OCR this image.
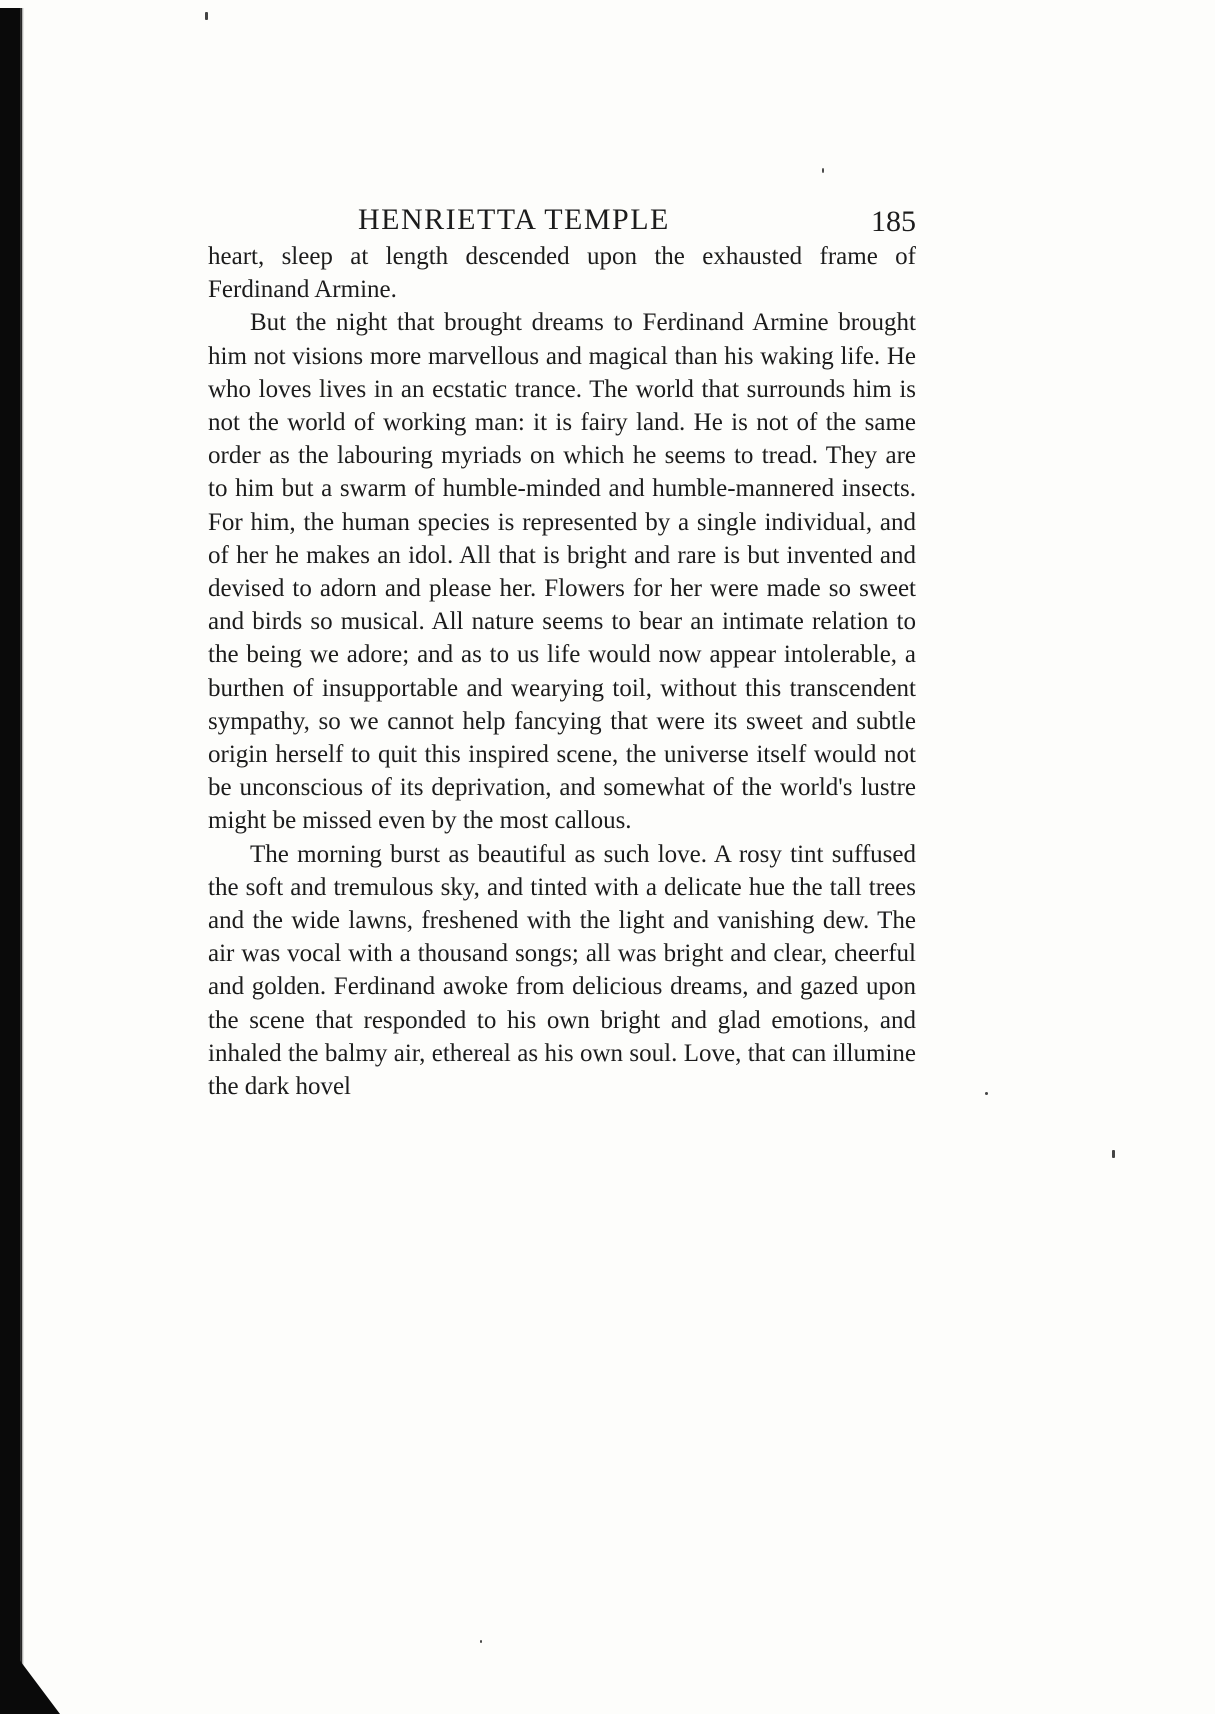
HENRIETTA TEMPLE	185

heart, sleep at length descended upon the exhausted frame of Ferdinand Armine.

But the night that brought dreams to Ferdinand Armine brought him not visions more marvellous and magical than his waking life. He who loves lives in an ecstatic trance. The world that surrounds him is not the world of working man: it is fairy land. He is not of the same order as the labouring myriads on which he seems to tread. They are to him but a swarm of humble-minded and humble-mannered insects. For him, the human species is represented by a single individual, and of her he makes an idol. All that is bright and rare is but invented and devised to adorn and please her. Flowers for her were made so sweet and birds so musical. All nature seems to bear an intimate relation to the being we adore; and as to us life would now appear intolerable, a burthen of insupportable and wearying toil, without this transcendent sympathy, so we cannot help fancying that were its sweet and subtle origin herself to quit this inspired scene, the universe itself would not be unconscious of its deprivation, and somewhat of the world's lustre might be missed even by the most callous.

The morning burst as beautiful as such love. A rosy tint suffused the soft and tremulous sky, and tinted with a delicate hue the tall trees and the wide lawns, freshened with the light and vanishing dew. The air was vocal with a thousand songs; all was bright and clear, cheerful and golden. Ferdinand awoke from delicious dreams, and gazed upon the scene that responded to his own bright and glad emotions, and inhaled the balmy air, ethereal as his own soul. Love, that can illumine the dark hovel
